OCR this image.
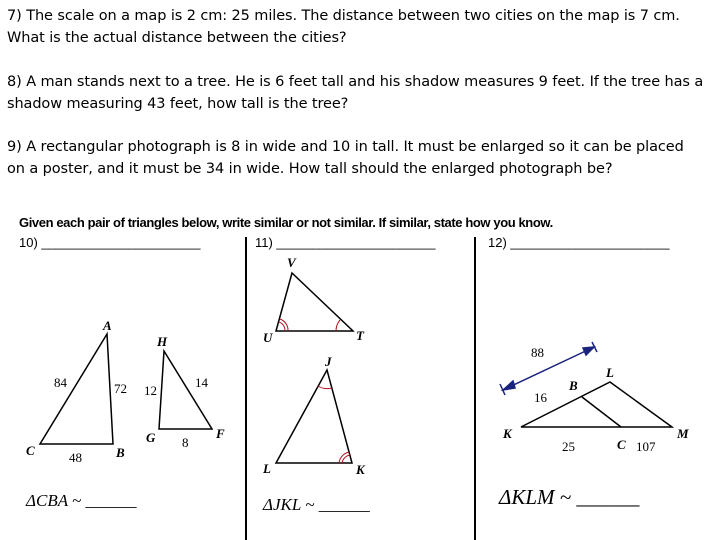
7) The scale on a map is 2 cm: 25 miles. The distance between two cities on the map is 7 cm.
What is the actual distance between the cities?
8) A man stands next to a tree. He is 6 feet tall and his shadow measures 9 feet. If the tree has a
shadow measuring 43 feet, how tall is the tree?
9) A rectangular photograph is 8 in wide and 10 in tall. It must be enlarged so it can be placed
on a poster, and it must be 34 in wide. How tall should the enlarged photograph be?
Given each pair of triangles below, write similar or not similar. If similar, state how you know.
10) ______________________	11) ______________________	12) ______________________
A
C	B
84	72
48
H
G	F
12
14
8
ΔCBA ~ ______
V
U	T
J
L	K
ΔJKL ~ ______
88
L
B
16
K	M
25	C 107
ΔKLM ~ ______
